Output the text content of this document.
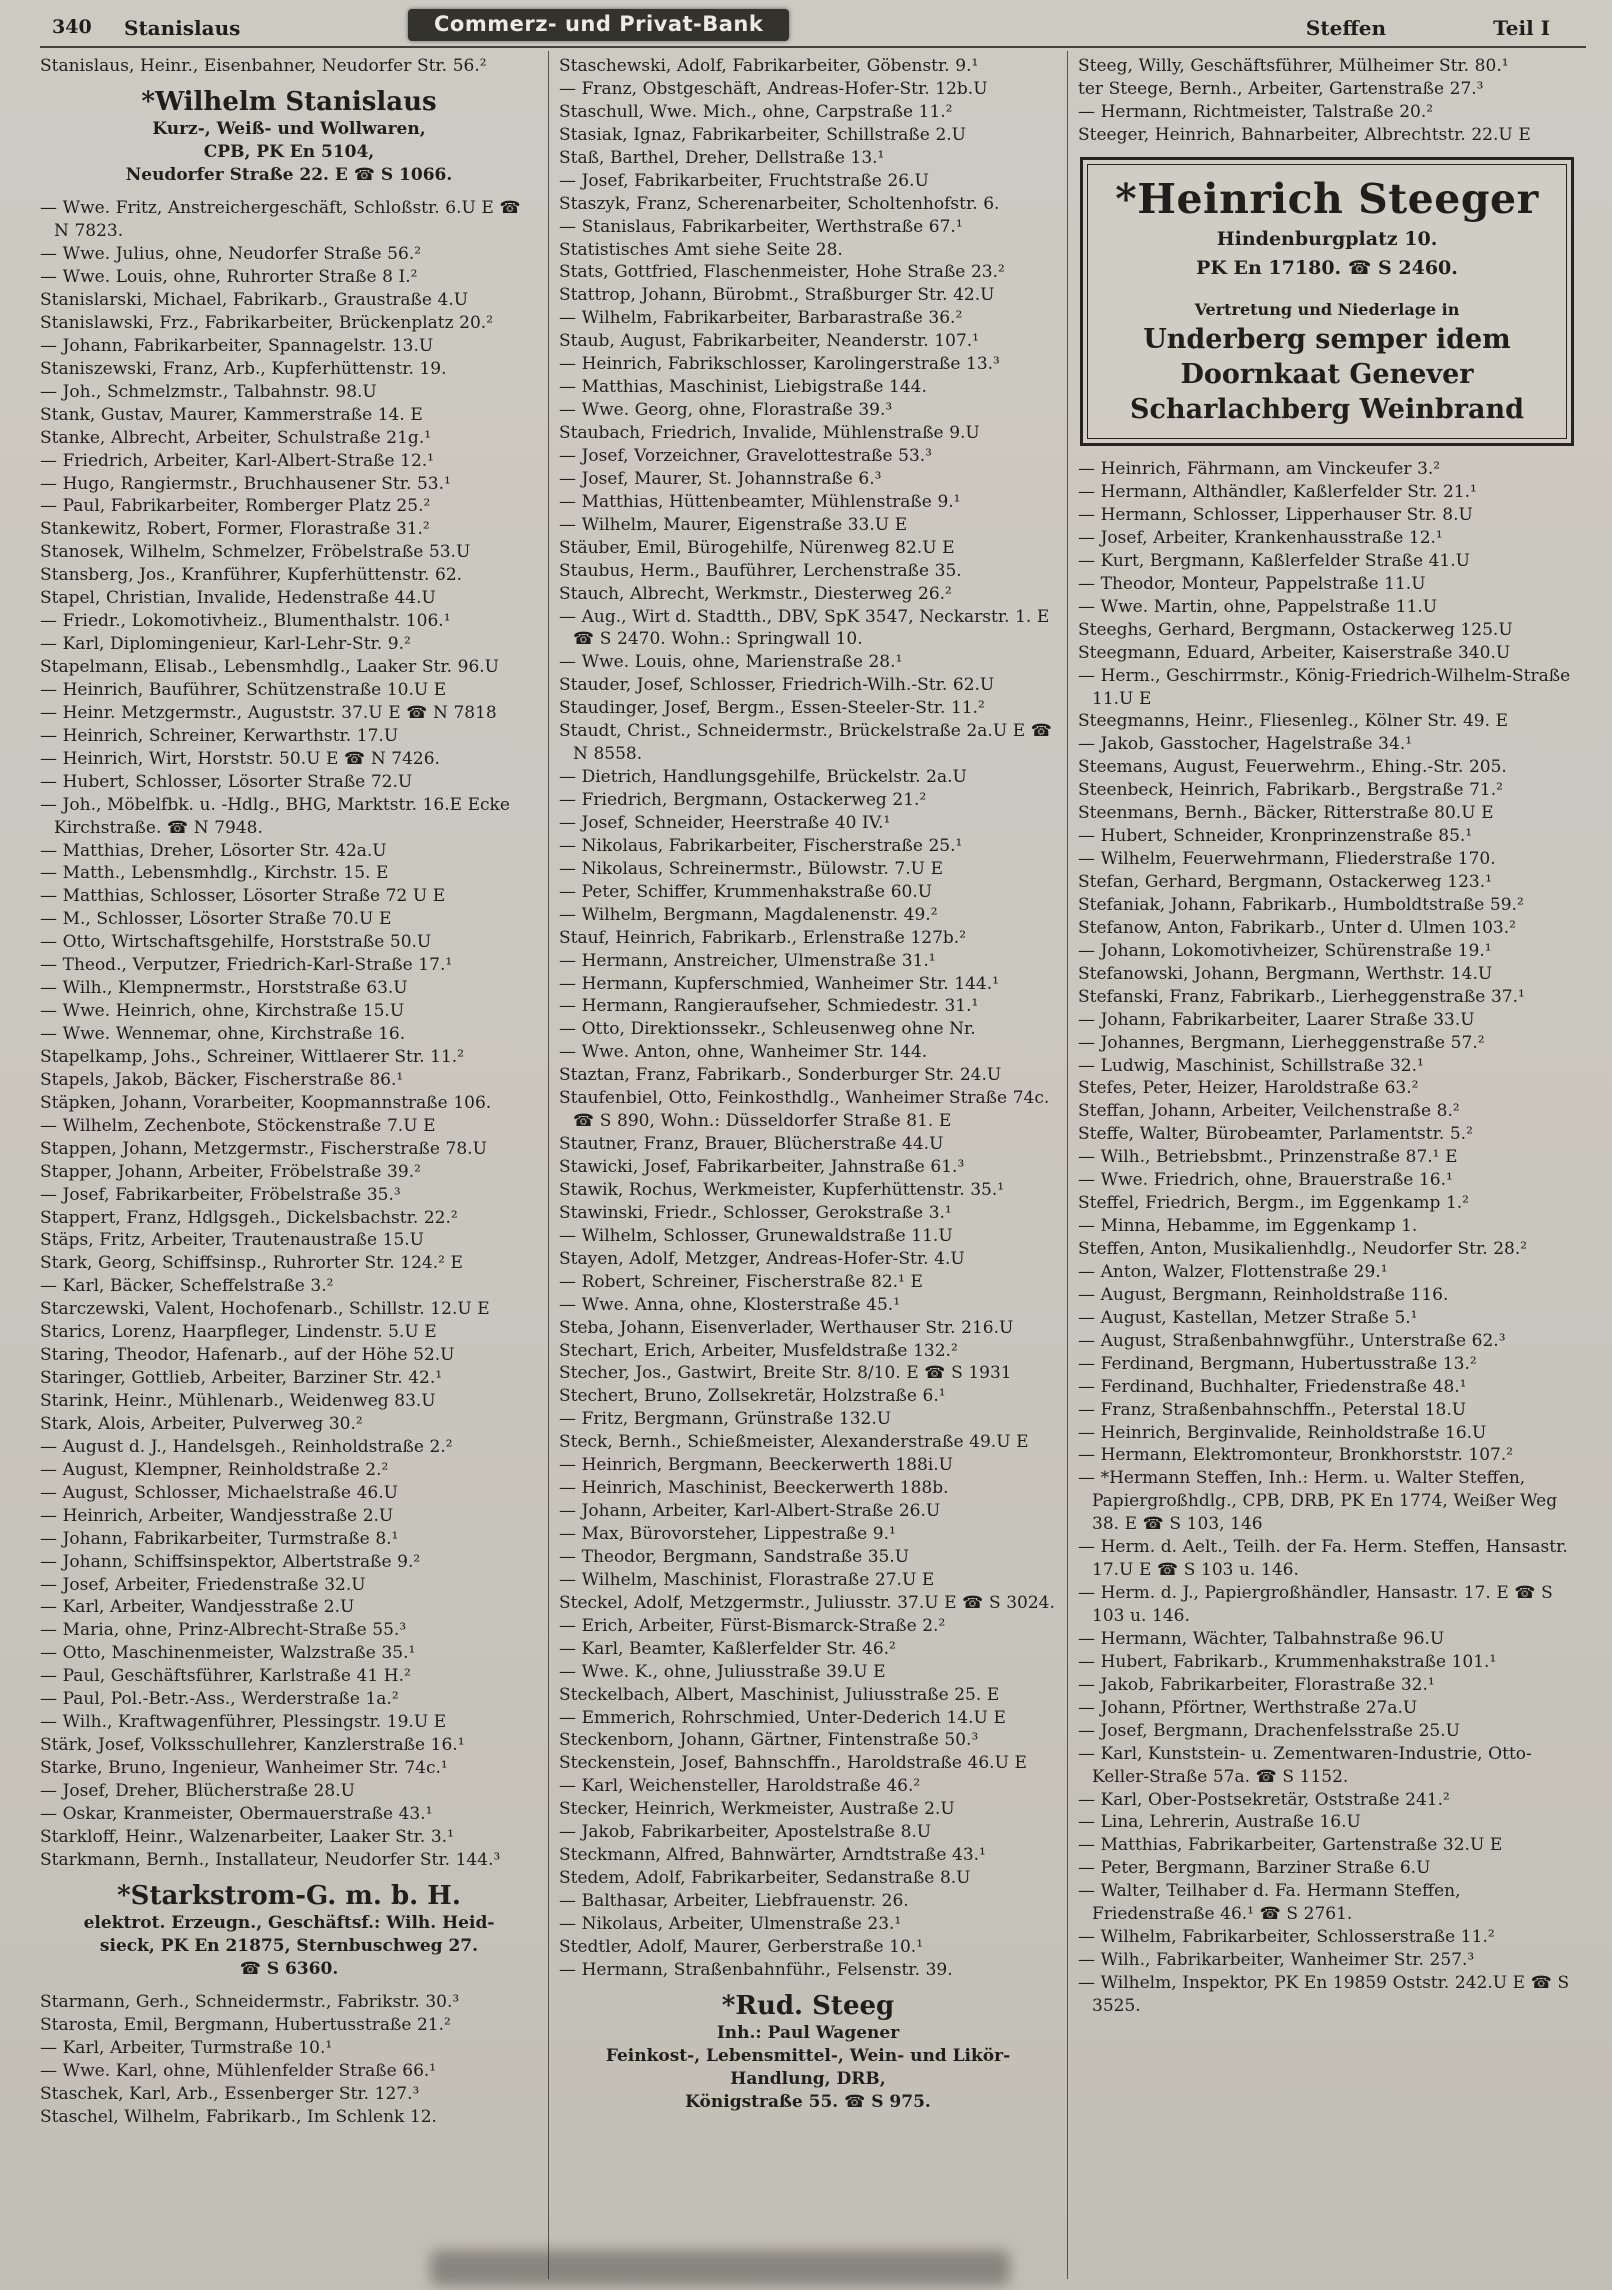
340 Stanislaus	Commerz- und Privat-Bank	Steffen	Teil I

Stanislaus, Heinr., Eisenbahner, Neudorfer Str. 56.²

*Wilhelm Stanislaus

Kurz-, Weiß- und Wollwaren,

CPB, PK En 5104,

Neudorfer Straße 22. E ☎ S 1066.

— Wwe. Fritz, Anstreichergeschäft, Schloßstr. 6.U E ☎ N 7823.

— Wwe. Julius, ohne, Neudorfer Straße 56.²

— Wwe. Louis, ohne, Ruhrorter Straße 8 I.²

Stanislarski, Michael, Fabrikarb., Graustraße 4.U

Stanislawski, Frz., Fabrikarbeiter, Brückenplatz 20.²

— Johann, Fabrikarbeiter, Spannagelstr. 13.U

Staniszewski, Franz, Arb., Kupferhüttenstr. 19.

— Joh., Schmelzmstr., Talbahnstr. 98.U

Stank, Gustav, Maurer, Kammerstraße 14. E

Stanke, Albrecht, Arbeiter, Schulstraße 21g.¹

— Friedrich, Arbeiter, Karl-Albert-Straße 12.¹

— Hugo, Rangiermstr., Bruchhausener Str. 53.¹

— Paul, Fabrikarbeiter, Romberger Platz 25.²

Stankewitz, Robert, Former, Florastraße 31.²

Stanosek, Wilhelm, Schmelzer, Fröbelstraße 53.U

Stansberg, Jos., Kranführer, Kupferhüttenstr. 62.

Stapel, Christian, Invalide, Hedenstraße 44.U

— Friedr., Lokomotivheiz., Blumenthalstr. 106.¹

— Karl, Diplomingenieur, Karl-Lehr-Str. 9.²

Stapelmann, Elisab., Lebensmhdlg., Laaker Str. 96.U

— Heinrich, Bauführer, Schützenstraße 10.U E

— Heinr. Metzgermstr., Auguststr. 37.U E ☎ N 7818

— Heinrich, Schreiner, Kerwarthstr. 17.U

— Heinrich, Wirt, Horststr. 50.U E ☎ N 7426.

— Hubert, Schlosser, Lösorter Straße 72.U

— Joh., Möbelfbk. u. -Hdlg., BHG, Marktstr. 16.E Ecke Kirchstraße. ☎ N 7948.

— Matthias, Dreher, Lösorter Str. 42a.U

— Matth., Lebensmhdlg., Kirchstr. 15. E

— Matthias, Schlosser, Lösorter Straße 72 U E

— M., Schlosser, Lösorter Straße 70.U E

— Otto, Wirtschaftsgehilfe, Horststraße 50.U

— Theod., Verputzer, Friedrich-Karl-Straße 17.¹

— Wilh., Klempnermstr., Horststraße 63.U

— Wwe. Heinrich, ohne, Kirchstraße 15.U

— Wwe. Wennemar, ohne, Kirchstraße 16.

Stapelkamp, Johs., Schreiner, Wittlaerer Str. 11.²

Stapels, Jakob, Bäcker, Fischerstraße 86.¹

Stäpken, Johann, Vorarbeiter, Koopmannstraße 106.

— Wilhelm, Zechenbote, Stöckenstraße 7.U E

Stappen, Johann, Metzgermstr., Fischerstraße 78.U

Stapper, Johann, Arbeiter, Fröbelstraße 39.²

— Josef, Fabrikarbeiter, Fröbelstraße 35.³

Stappert, Franz, Hdlgsgeh., Dickelsbachstr. 22.²

Stäps, Fritz, Arbeiter, Trautenaustraße 15.U

Stark, Georg, Schiffsinsp., Ruhrorter Str. 124.² E

— Karl, Bäcker, Scheffelstraße 3.²

Starczewski, Valent, Hochofenarb., Schillstr. 12.U E

Starics, Lorenz, Haarpfleger, Lindenstr. 5.U E

Staring, Theodor, Hafenarb., auf der Höhe 52.U

Staringer, Gottlieb, Arbeiter, Barziner Str. 42.¹

Starink, Heinr., Mühlenarb., Weidenweg 83.U

Stark, Alois, Arbeiter, Pulverweg 30.²

— August d. J., Handelsgeh., Reinholdstraße 2.²

— August, Klempner, Reinholdstraße 2.²

— August, Schlosser, Michaelstraße 46.U

— Heinrich, Arbeiter, Wandjesstraße 2.U

— Johann, Fabrikarbeiter, Turmstraße 8.¹

— Johann, Schiffsinspektor, Albertstraße 9.²

— Josef, Arbeiter, Friedenstraße 32.U

— Karl, Arbeiter, Wandjesstraße 2.U

— Maria, ohne, Prinz-Albrecht-Straße 55.³

— Otto, Maschinenmeister, Walzstraße 35.¹

— Paul, Geschäftsführer, Karlstraße 41 H.²

— Paul, Pol.-Betr.-Ass., Werderstraße 1a.²

— Wilh., Kraftwagenführer, Plessingstr. 19.U E

Stärk, Josef, Volksschullehrer, Kanzlerstraße 16.¹

Starke, Bruno, Ingenieur, Wanheimer Str. 74c.¹

— Josef, Dreher, Blücherstraße 28.U

— Oskar, Kranmeister, Obermauerstraße 43.¹

Starkloff, Heinr., Walzenarbeiter, Laaker Str. 3.¹

Starkmann, Bernh., Installateur, Neudorfer Str. 144.³

*Starkstrom-G. m. b. H.

elektrot. Erzeugn., Geschäftsf.: Wilh. Heid-

sieck, PK En 21875, Sternbuschweg 27.

☎ S 6360.

Starmann, Gerh., Schneidermstr., Fabrikstr. 30.³

Starosta, Emil, Bergmann, Hubertusstraße 21.²

— Karl, Arbeiter, Turmstraße 10.¹

— Wwe. Karl, ohne, Mühlenfelder Straße 66.¹

Staschek, Karl, Arb., Essenberger Str. 127.³

Staschel, Wilhelm, Fabrikarb., Im Schlenk 12.

Staschewski, Adolf, Fabrikarbeiter, Göbenstr. 9.¹

— Franz, Obstgeschäft, Andreas-Hofer-Str. 12b.U

Staschull, Wwe. Mich., ohne, Carpstraße 11.²

Stasiak, Ignaz, Fabrikarbeiter, Schillstraße 2.U

Staß, Barthel, Dreher, Dellstraße 13.¹

— Josef, Fabrikarbeiter, Fruchtstraße 26.U

Staszyk, Franz, Scherenarbeiter, Scholtenhofstr. 6.

— Stanislaus, Fabrikarbeiter, Werthstraße 67.¹

Statistisches Amt siehe Seite 28.

Stats, Gottfried, Flaschenmeister, Hohe Straße 23.²

Stattrop, Johann, Bürobmt., Straßburger Str. 42.U

— Wilhelm, Fabrikarbeiter, Barbarastraße 36.²

Staub, August, Fabrikarbeiter, Neanderstr. 107.¹

— Heinrich, Fabrikschlosser, Karolingerstraße 13.³

— Matthias, Maschinist, Liebigstraße 144.

— Wwe. Georg, ohne, Florastraße 39.³

Staubach, Friedrich, Invalide, Mühlenstraße 9.U

— Josef, Vorzeichner, Gravelottestraße 53.³

— Josef, Maurer, St. Johannstraße 6.³

— Matthias, Hüttenbeamter, Mühlenstraße 9.¹

— Wilhelm, Maurer, Eigenstraße 33.U E

Stäuber, Emil, Bürogehilfe, Nürenweg 82.U E

Staubus, Herm., Bauführer, Lerchenstraße 35.

Stauch, Albrecht, Werkmstr., Diesterweg 26.²

— Aug., Wirt d. Stadtth., DBV, SpK 3547, Neckarstr. 1. E ☎ S 2470. Wohn.: Springwall 10.

— Wwe. Louis, ohne, Marienstraße 28.¹

Stauder, Josef, Schlosser, Friedrich-Wilh.-Str. 62.U

Staudinger, Josef, Bergm., Essen-Steeler-Str. 11.²

Staudt, Christ., Schneidermstr., Brückelstraße 2a.U E ☎ N 8558.

— Dietrich, Handlungsgehilfe, Brückelstr. 2a.U

— Friedrich, Bergmann, Ostackerweg 21.²

— Josef, Schneider, Heerstraße 40 IV.¹

— Nikolaus, Fabrikarbeiter, Fischerstraße 25.¹

— Nikolaus, Schreinermstr., Bülowstr. 7.U E

— Peter, Schiffer, Krummenhakstraße 60.U

— Wilhelm, Bergmann, Magdalenenstr. 49.²

Stauf, Heinrich, Fabrikarb., Erlenstraße 127b.²

— Hermann, Anstreicher, Ulmenstraße 31.¹

— Hermann, Kupferschmied, Wanheimer Str. 144.¹

— Hermann, Rangieraufseher, Schmiedestr. 31.¹

— Otto, Direktionssekr., Schleusenweg ohne Nr.

— Wwe. Anton, ohne, Wanheimer Str. 144.

Staztan, Franz, Fabrikarb., Sonderburger Str. 24.U

Staufenbiel, Otto, Feinkosthdlg., Wanheimer Straße 74c. ☎ S 890, Wohn.: Düsseldorfer Straße 81. E

Stautner, Franz, Brauer, Blücherstraße 44.U

Stawicki, Josef, Fabrikarbeiter, Jahnstraße 61.³

Stawik, Rochus, Werkmeister, Kupferhüttenstr. 35.¹

Stawinski, Friedr., Schlosser, Gerokstraße 3.¹

— Wilhelm, Schlosser, Grunewaldstraße 11.U

Stayen, Adolf, Metzger, Andreas-Hofer-Str. 4.U

— Robert, Schreiner, Fischerstraße 82.¹ E

— Wwe. Anna, ohne, Klosterstraße 45.¹

Steba, Johann, Eisenverlader, Werthauser Str. 216.U

Stechart, Erich, Arbeiter, Musfeldstraße 132.²

Stecher, Jos., Gastwirt, Breite Str. 8/10. E ☎ S 1931

Stechert, Bruno, Zollsekretär, Holzstraße 6.¹

— Fritz, Bergmann, Grünstraße 132.U

Steck, Bernh., Schießmeister, Alexanderstraße 49.U E

— Heinrich, Bergmann, Beeckerwerth 188i.U

— Heinrich, Maschinist, Beeckerwerth 188b.

— Johann, Arbeiter, Karl-Albert-Straße 26.U

— Max, Bürovorsteher, Lippestraße 9.¹

— Theodor, Bergmann, Sandstraße 35.U

— Wilhelm, Maschinist, Florastraße 27.U E

Steckel, Adolf, Metzgermstr., Juliusstr. 37.U E ☎ S 3024.

— Erich, Arbeiter, Fürst-Bismarck-Straße 2.²

— Karl, Beamter, Kaßlerfelder Str. 46.²

— Wwe. K., ohne, Juliusstraße 39.U E

Steckelbach, Albert, Maschinist, Juliusstraße 25. E

— Emmerich, Rohrschmied, Unter-Dederich 14.U E

Steckenborn, Johann, Gärtner, Fintenstraße 50.³

Steckenstein, Josef, Bahnschffn., Haroldstraße 46.U E

— Karl, Weichensteller, Haroldstraße 46.²

Stecker, Heinrich, Werkmeister, Austraße 2.U

— Jakob, Fabrikarbeiter, Apostelstraße 8.U

Steckmann, Alfred, Bahnwärter, Arndtstraße 43.¹

Stedem, Adolf, Fabrikarbeiter, Sedanstraße 8.U

— Balthasar, Arbeiter, Liebfrauenstr. 26.

— Nikolaus, Arbeiter, Ulmenstraße 23.¹

Stedtler, Adolf, Maurer, Gerberstraße 10.¹

— Hermann, Straßenbahnführ., Felsenstr. 39.

*Rud. Steeg

Inh.: Paul Wagener

Feinkost-, Lebensmittel-, Wein- und Likör-

Handlung, DRB,

Königstraße 55. ☎ S 975.

Steeg, Willy, Geschäftsführer, Mülheimer Str. 80.¹

ter Steege, Bernh., Arbeiter, Gartenstraße 27.³

— Hermann, Richtmeister, Talstraße 20.²

Steeger, Heinrich, Bahnarbeiter, Albrechtstr. 22.U E

*Heinrich Steeger

Hindenburgplatz 10.

PK En 17180. ☎ S 2460.

Vertretung und Niederlage in

Underberg semper idem

Doornkaat Genever

Scharlachberg Weinbrand

— Heinrich, Fährmann, am Vinckeufer 3.²

— Hermann, Althändler, Kaßlerfelder Str. 21.¹

— Hermann, Schlosser, Lipperhauser Str. 8.U

— Josef, Arbeiter, Krankenhausstraße 12.¹

— Kurt, Bergmann, Kaßlerfelder Straße 41.U

— Theodor, Monteur, Pappelstraße 11.U

— Wwe. Martin, ohne, Pappelstraße 11.U

Steeghs, Gerhard, Bergmann, Ostackerweg 125.U

Steegmann, Eduard, Arbeiter, Kaiserstraße 340.U

— Herm., Geschirrmstr., König-Friedrich-Wilhelm-Straße 11.U E

Steegmanns, Heinr., Fliesenleg., Kölner Str. 49. E

— Jakob, Gasstocher, Hagelstraße 34.¹

Steemans, August, Feuerwehrm., Ehing.-Str. 205.

Steenbeck, Heinrich, Fabrikarb., Bergstraße 71.²

Steenmans, Bernh., Bäcker, Ritterstraße 80.U E

— Hubert, Schneider, Kronprinzenstraße 85.¹

— Wilhelm, Feuerwehrmann, Fliederstraße 170.

Stefan, Gerhard, Bergmann, Ostackerweg 123.¹

Stefaniak, Johann, Fabrikarb., Humboldtstraße 59.²

Stefanow, Anton, Fabrikarb., Unter d. Ulmen 103.²

— Johann, Lokomotivheizer, Schürenstraße 19.¹

Stefanowski, Johann, Bergmann, Werthstr. 14.U

Stefanski, Franz, Fabrikarb., Lierheggenstraße 37.¹

— Johann, Fabrikarbeiter, Laarer Straße 33.U

— Johannes, Bergmann, Lierheggenstraße 57.²

— Ludwig, Maschinist, Schillstraße 32.¹

Stefes, Peter, Heizer, Haroldstraße 63.²

Steffan, Johann, Arbeiter, Veilchenstraße 8.²

Steffe, Walter, Bürobeamter, Parlamentstr. 5.²

— Wilh., Betriebsbmt., Prinzenstraße 87.¹ E

— Wwe. Friedrich, ohne, Brauerstraße 16.¹

Steffel, Friedrich, Bergm., im Eggenkamp 1.²

— Minna, Hebamme, im Eggenkamp 1.

Steffen, Anton, Musikalienhdlg., Neudorfer Str. 28.²

— Anton, Walzer, Flottenstraße 29.¹

— August, Bergmann, Reinholdstraße 116.

— August, Kastellan, Metzer Straße 5.¹

— August, Straßenbahnwgführ., Unterstraße 62.³

— Ferdinand, Bergmann, Hubertusstraße 13.²

— Ferdinand, Buchhalter, Friedenstraße 48.¹

— Franz, Straßenbahnschffn., Peterstal 18.U

— Heinrich, Berginvalide, Reinholdstraße 16.U

— Hermann, Elektromonteur, Bronkhorststr. 107.²

— *Hermann Steffen, Inh.: Herm. u. Walter Steffen, Papiergroßhdlg., CPB, DRB, PK En 1774, Weißer Weg 38. E ☎ S 103, 146

— Herm. d. Aelt., Teilh. der Fa. Herm. Steffen, Hansastr. 17.U E ☎ S 103 u. 146.

— Herm. d. J., Papiergroßhändler, Hansastr. 17. E ☎ S 103 u. 146.

— Hermann, Wächter, Talbahnstraße 96.U

— Hubert, Fabrikarb., Krummenhakstraße 101.¹

— Jakob, Fabrikarbeiter, Florastraße 32.¹

— Johann, Pförtner, Werthstraße 27a.U

— Josef, Bergmann, Drachenfelsstraße 25.U

— Karl, Kunststein- u. Zementwaren-Industrie, Otto-Keller-Straße 57a. ☎ S 1152.

— Karl, Ober-Postsekretär, Oststraße 241.²

— Lina, Lehrerin, Austraße 16.U

— Matthias, Fabrikarbeiter, Gartenstraße 32.U E

— Peter, Bergmann, Barziner Straße 6.U

— Walter, Teilhaber d. Fa. Hermann Steffen, Friedenstraße 46.¹ ☎ S 2761.

— Wilhelm, Fabrikarbeiter, Schlosserstraße 11.²

— Wilh., Fabrikarbeiter, Wanheimer Str. 257.³

— Wilhelm, Inspektor, PK En 19859 Oststr. 242.U E ☎ S 3525.
